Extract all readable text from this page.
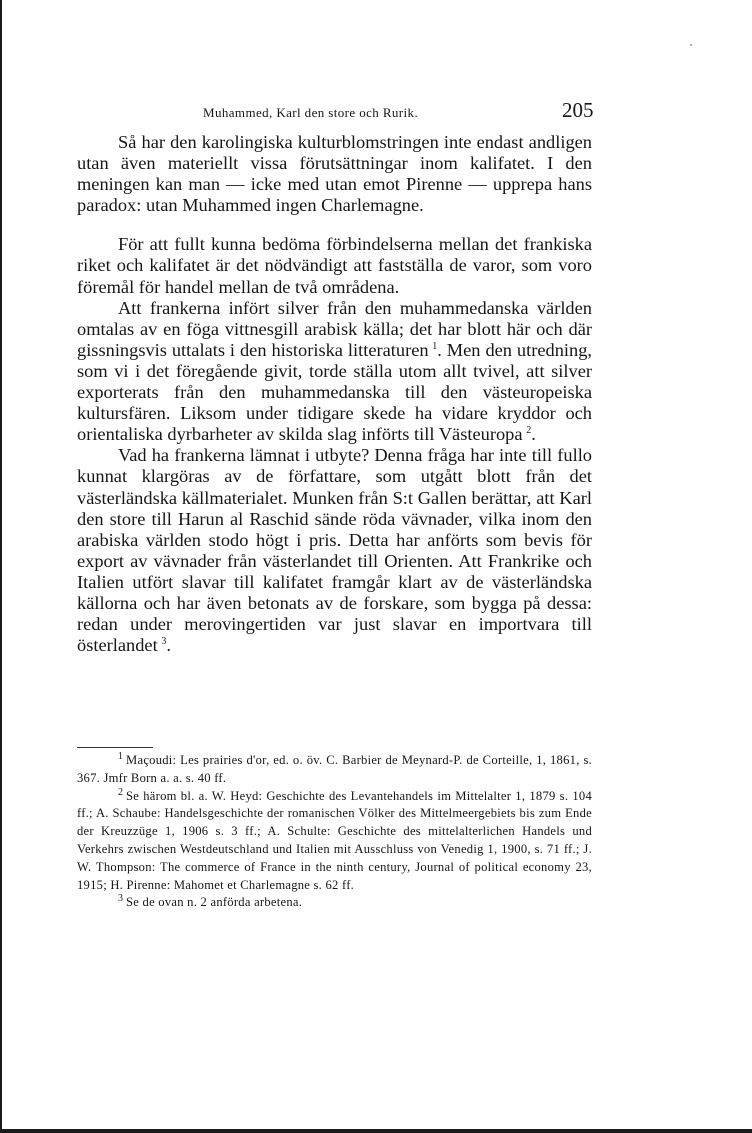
Muhammed, Karl den store och Rurik.	205

Så har den karolingiska kulturblomstringen inte endast andligen utan även materiellt vissa förutsättningar inom kalifatet. I den meningen kan man — icke med utan emot Pirenne — upprepa hans paradox: utan Muhammed ingen Charlemagne.

För att fullt kunna bedöma förbindelserna mellan det frankiska riket och kalifatet är det nödvändigt att fastställa de varor, som voro föremål för handel mellan de två områdena.

Att frankerna infört silver från den muhammedanska världen omtalas av en föga vittnesgill arabisk källa; det har blott här och där gissningsvis uttalats i den historiska litteraturen  $^1$. Men den utredning, som vi i det föregående givit, torde ställa utom allt tvivel, att silver exporterats från den muhammedanska till den västeuropeiska kultursfären. Liksom under tidigare skede ha vidare kryddor och orientaliska dyrbarheter av skilda slag införts till Västeuropa  $^2$.

Vad ha frankerna lämnat i utbyte? Denna fråga har inte till fullo kunnat klargöras av de författare, som utgått blott från det västerländska källmaterialet. Munken från S:t Gallen berättar, att Karl den store till Harun al Raschid sände röda vävnader, vilka inom den arabiska världen stodo högt i pris. Detta har anförts som bevis för export av vävnader från västerlandet till Orienten. Att Frankrike och Italien utfört slavar till kalifatet framgår klart av de västerländska källorna och har även betonats av de forskare, som bygga på dessa: redan under merovingertiden var just slavar en importvara till österlandet  $^3$.

$^1$  Maçoudi: Les prairies d'or, ed. o. öv. C. Barbier de Meynard-P. de Corteille, 1, 1861, s. 367. Jmfr Born a. a. s. 40 ff.

$^2$  Se härom bl. a. W. Heyd: Geschichte des Levantehandels im Mittelalter 1, 1879 s. 104 ff.; A. Schaube: Handelsgeschichte der romanischen Völker des Mittelmeergebiets bis zum Ende der Kreuzzüge 1, 1906 s. 3 ff.; A. Schulte: Geschichte des mittelalterlichen Handels und Verkehrs zwischen Westdeutschland und Italien mit Ausschluss von Venedig 1, 1900, s. 71 ff.; J. W. Thompson: The commerce of France in the ninth century, Journal of political economy 23, 1915; H. Pirenne: Mahomet et Charlemagne s. 62 ff.

$^3$  Se de ovan n. 2 anförda arbetena.
